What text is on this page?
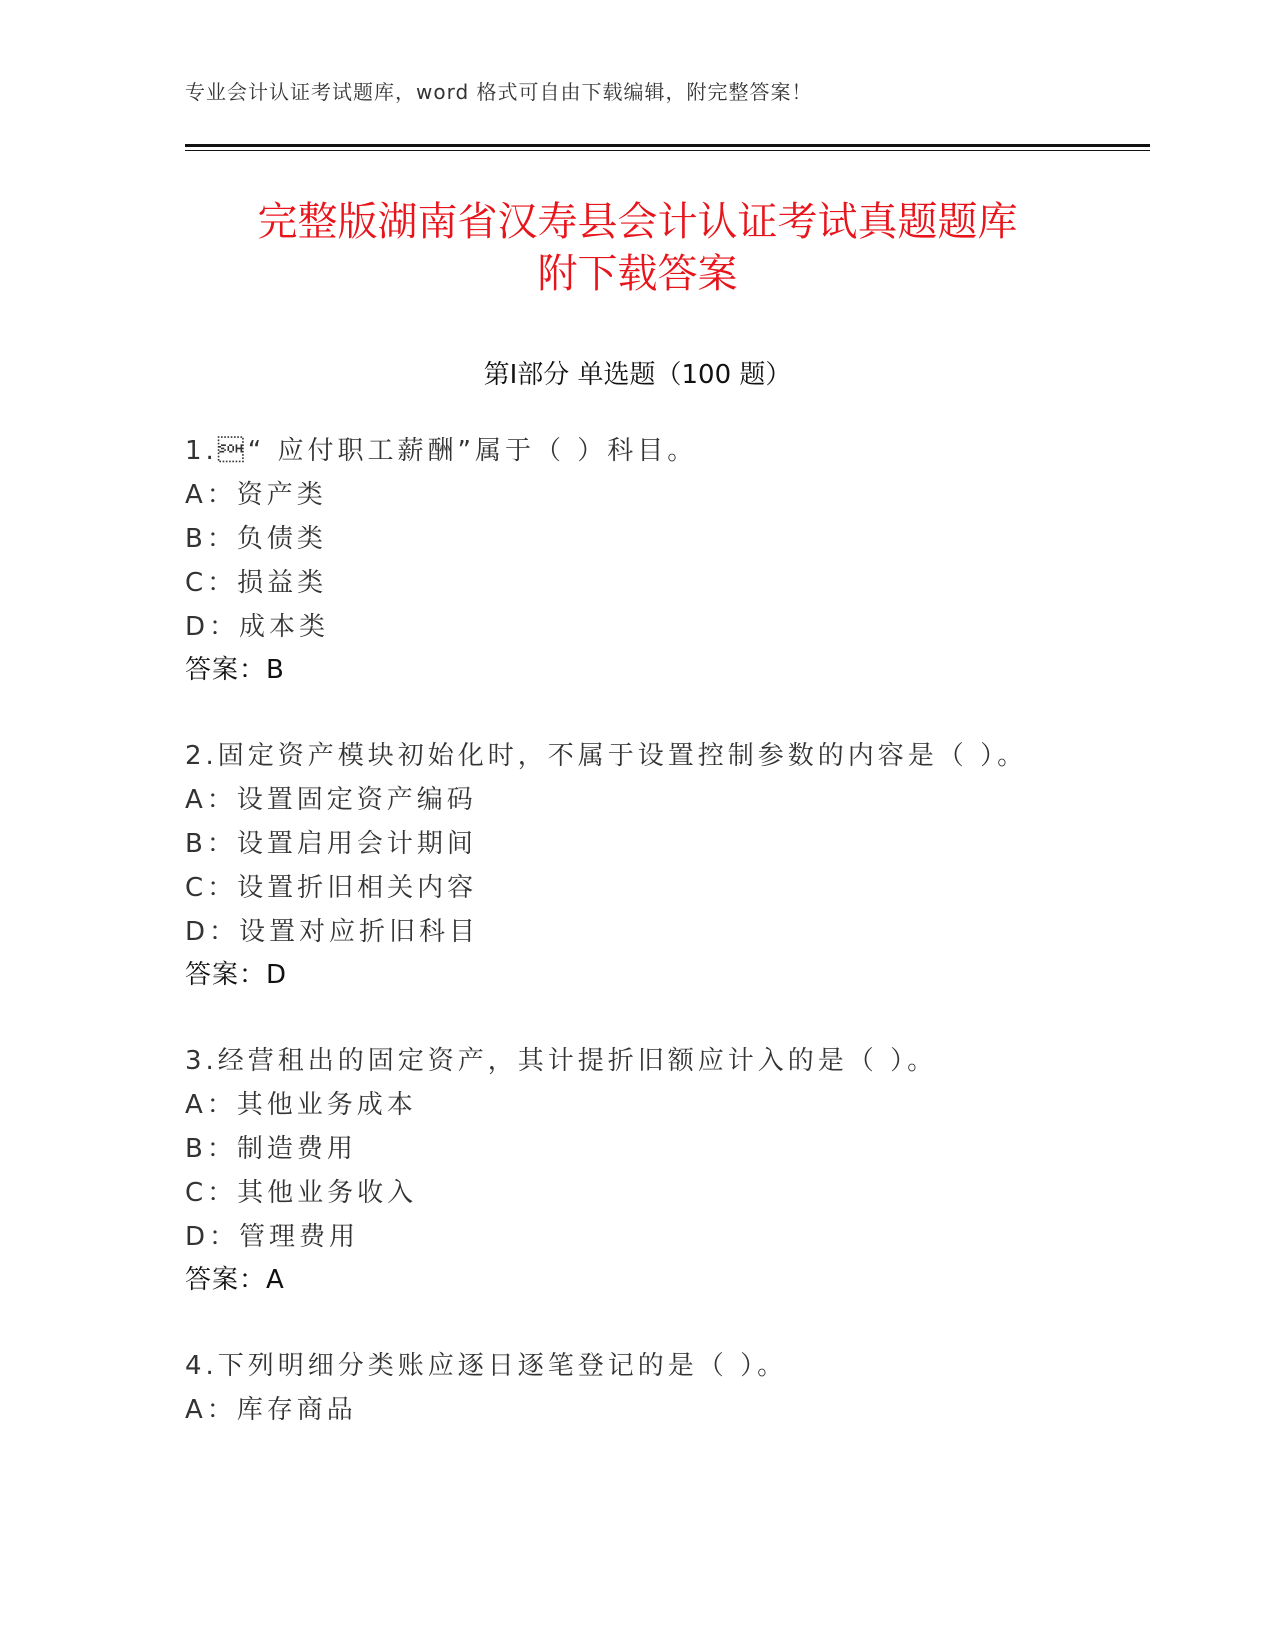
专业会计认证考试题库，word 格式可自由下载编辑，附完整答案！
完整版湖南省汉寿县会计认证考试真题题库
附下载答案
第Ⅰ部分 单选题（100 题）
1.“ 应付职工薪酬”属于（ ）科目。
A：资产类
B：负债类
C：损益类
D：成本类
答案：B
2.固定资产模块初始化时，不属于设置控制参数的内容是（ ）。
A：设置固定资产编码
B：设置启用会计期间
C：设置折旧相关内容
D：设置对应折旧科目
答案：D
3.经营租出的固定资产，其计提折旧额应计入的是（ ）。
A：其他业务成本
B：制造费用
C：其他业务收入
D：管理费用
答案：A
4.下列明细分类账应逐日逐笔登记的是（ ）。
A：库存商品
